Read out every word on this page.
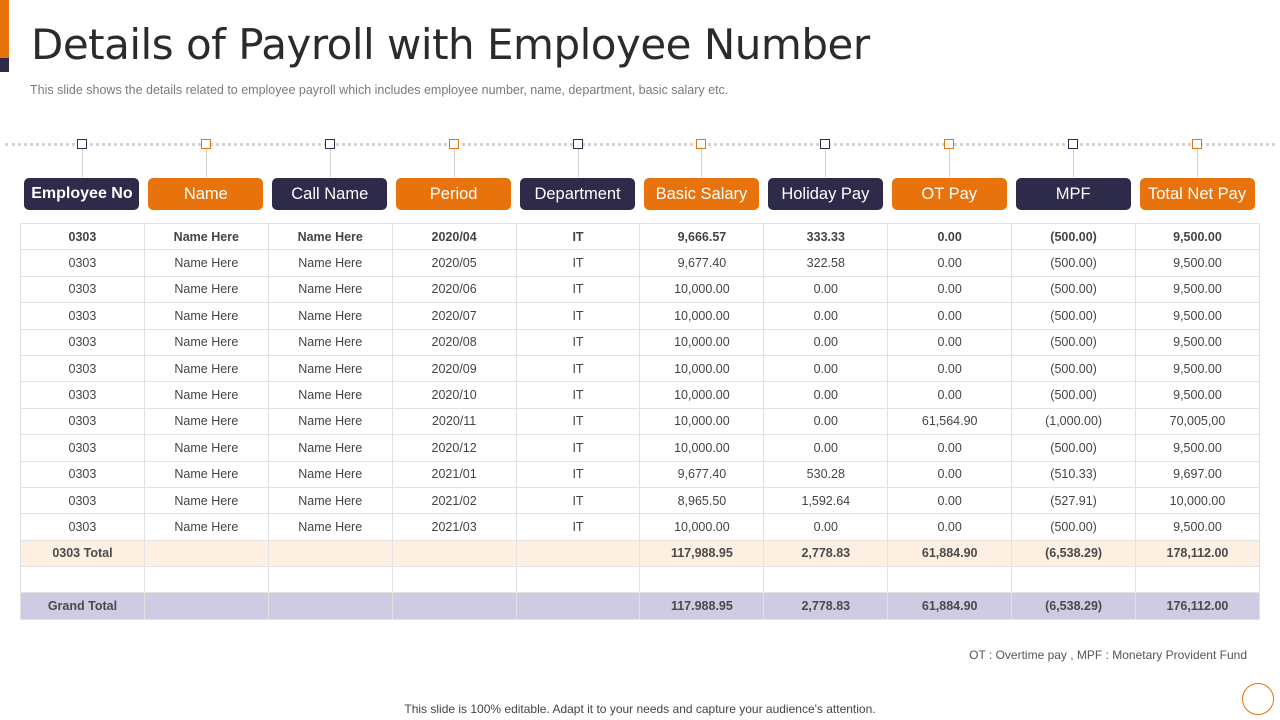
Details of Payroll with Employee Number
This slide shows the details related to employee payroll which includes employee number, name, department, basic salary etc.
Employee No	Name	Call Name	Period	Department	Basic Salary	Holiday Pay	OT Pay	MPF	Total Net Pay
0303	Name Here	Name Here	2020/04	IT	9,666.57	333.33	0.00	(500.00)	9,500.00
0303	Name Here	Name Here	2020/05	IT	9,677.40	322.58	0.00	(500.00)	9,500.00
0303	Name Here	Name Here	2020/06	IT	10,000.00	0.00	0.00	(500.00)	9,500.00
0303	Name Here	Name Here	2020/07	IT	10,000.00	0.00	0.00	(500.00)	9,500.00
0303	Name Here	Name Here	2020/08	IT	10,000.00	0.00	0.00	(500.00)	9,500.00
0303	Name Here	Name Here	2020/09	IT	10,000.00	0.00	0.00	(500.00)	9,500.00
0303	Name Here	Name Here	2020/10	IT	10,000.00	0.00	0.00	(500.00)	9,500.00
0303	Name Here	Name Here	2020/11	IT	10,000.00	0.00	61,564.90	(1,000.00)	70,005,00
0303	Name Here	Name Here	2020/12	IT	10,000.00	0.00	0.00	(500.00)	9,500.00
0303	Name Here	Name Here	2021/01	IT	9,677.40	530.28	0.00	(510.33)	9,697.00
0303	Name Here	Name Here	2021/02	IT	8,965.50	1,592.64	0.00	(527.91)	10,000.00
0303	Name Here	Name Here	2021/03	IT	10,000.00	0.00	0.00	(500.00)	9,500.00
0303 Total					117,988.95	2,778.83	61,884.90	(6,538.29)	178,112.00

Grand Total					117.988.95	2,778.83	61,884.90	(6,538.29)	176,112.00
OT : Overtime pay , MPF : Monetary Provident Fund
This slide is 100% editable. Adapt it to your needs and capture your audience's attention.
